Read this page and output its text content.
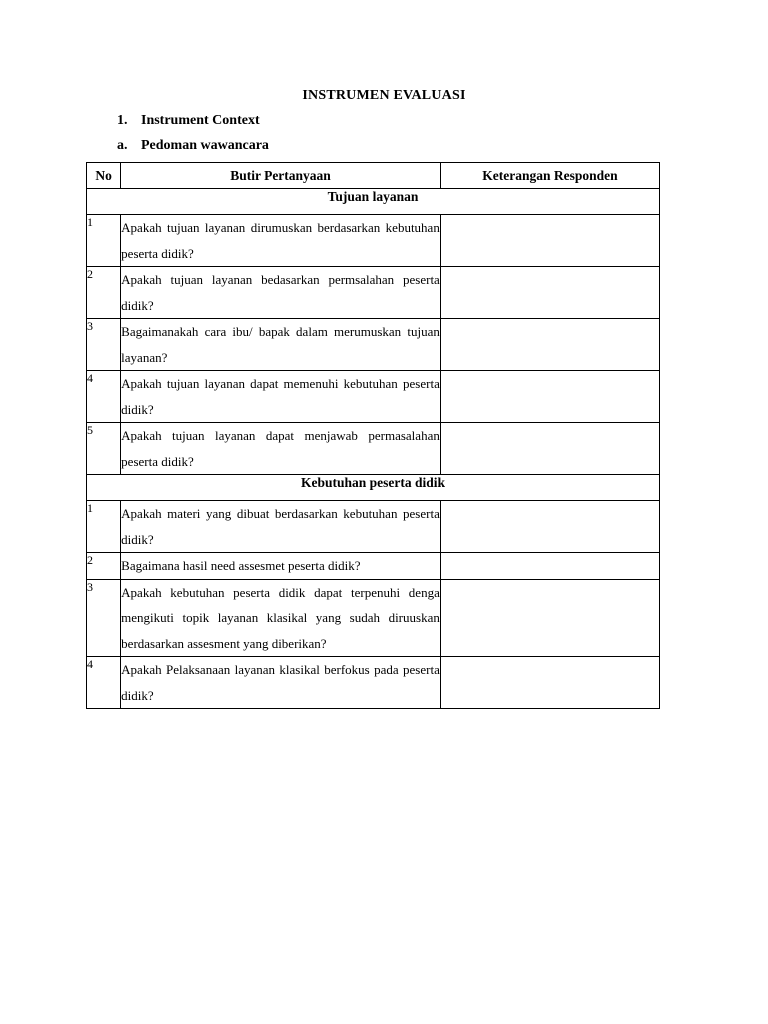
INSTRUMEN EVALUASI
1. Instrument Context
a. Pedoman wawancara
No	Butir Pertanyaan	Keterangan Responden
Tujuan layanan		
1	Apakah tujuan layanan dirumuskan berdasarkan kebutuhan peserta didik?	
2	Apakah tujuan layanan bedasarkan permsalahan peserta didik?	
3	Bagaimanakah cara ibu/ bapak dalam merumuskan tujuan layanan?	
4	Apakah tujuan layanan dapat memenuhi kebutuhan peserta didik?	
5	Apakah tujuan layanan dapat menjawab permasalahan peserta didik?	
Kebutuhan peserta didik		
1	Apakah materi yang dibuat berdasarkan kebutuhan peserta didik?	
2	Bagaimana hasil need assesmet peserta didik?	
3	Apakah kebutuhan peserta didik dapat terpenuhi denga mengikuti topik layanan klasikal yang sudah diruuskan berdasarkan assesment yang diberikan?	
4	Apakah Pelaksanaan layanan klasikal berfokus pada peserta didik?	
